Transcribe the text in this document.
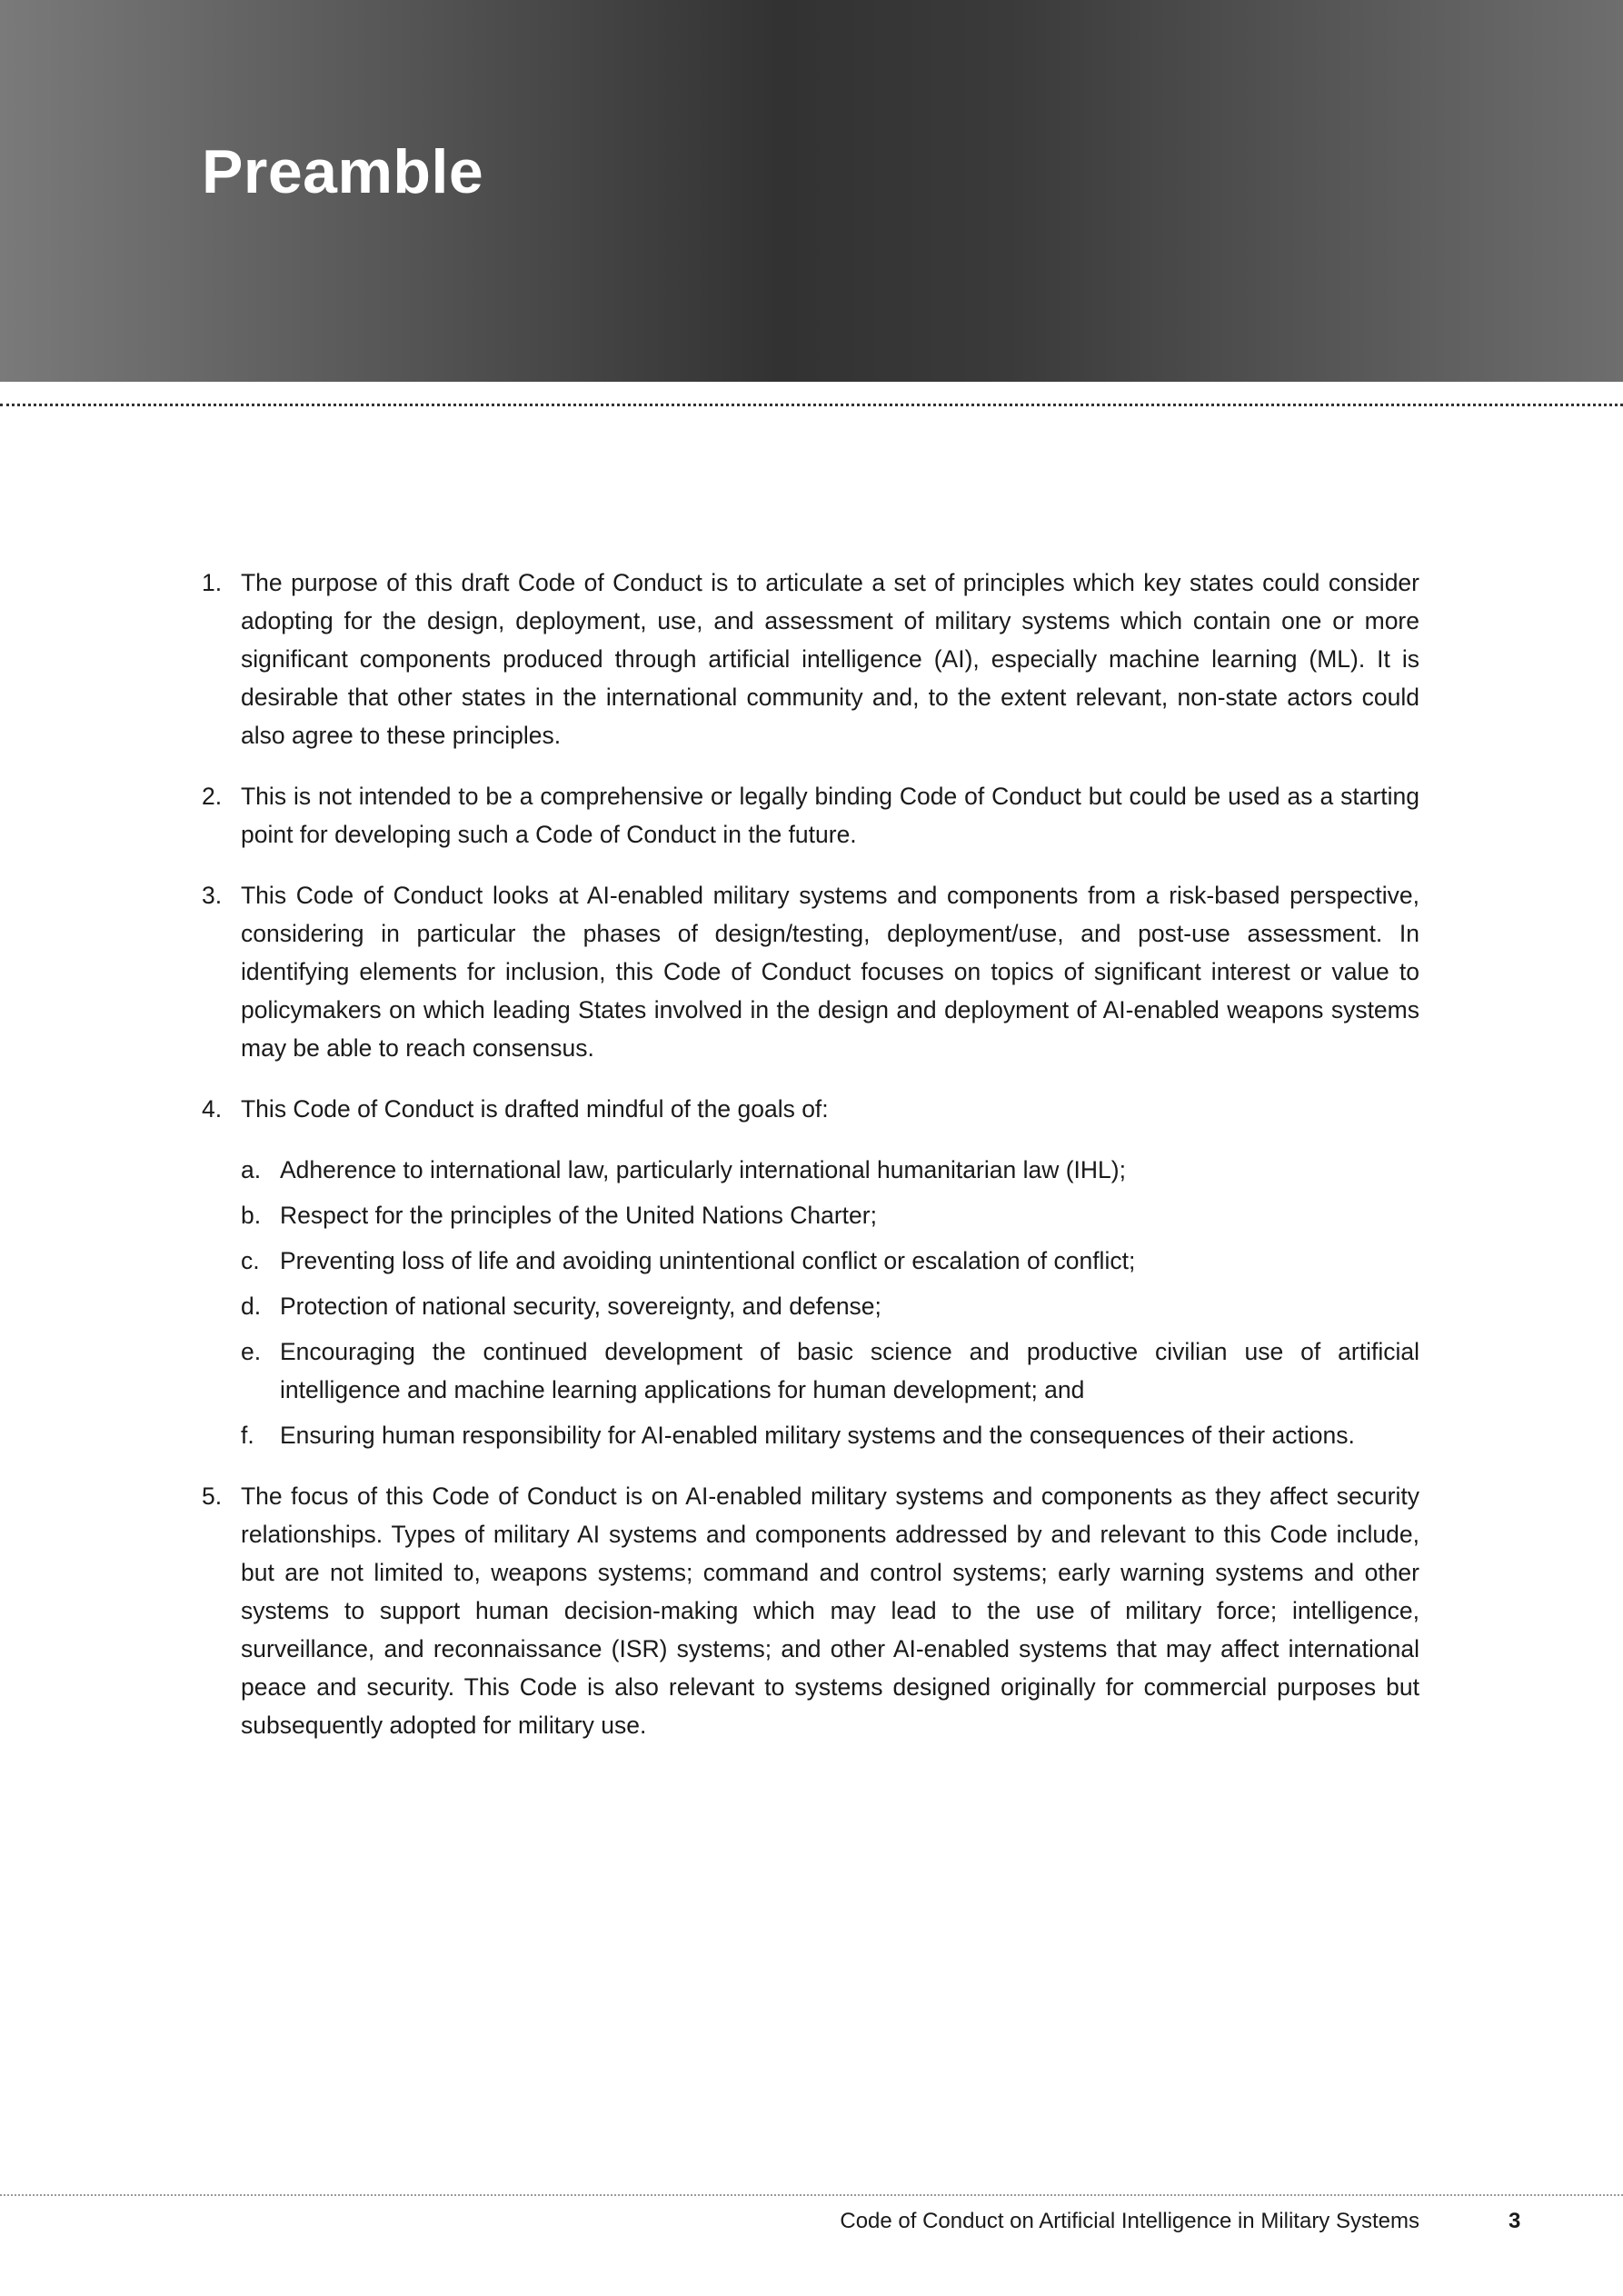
Preamble
1. The purpose of this draft Code of Conduct is to articulate a set of principles which key states could consider adopting for the design, deployment, use, and assessment of military systems which contain one or more significant components produced through artificial intelligence (AI), especially machine learning (ML). It is desirable that other states in the international community and, to the extent relevant, non-state actors could also agree to these principles.
2. This is not intended to be a comprehensive or legally binding Code of Conduct but could be used as a starting point for developing such a Code of Conduct in the future.
3. This Code of Conduct looks at AI-enabled military systems and components from a risk-based perspective, considering in particular the phases of design/testing, deployment/use, and post-use assessment. In identifying elements for inclusion, this Code of Conduct focuses on topics of significant interest or value to policymakers on which leading States involved in the design and deployment of AI-enabled weapons systems may be able to reach consensus.
4. This Code of Conduct is drafted mindful of the goals of:
a. Adherence to international law, particularly international humanitarian law (IHL);
b. Respect for the principles of the United Nations Charter;
c. Preventing loss of life and avoiding unintentional conflict or escalation of conflict;
d. Protection of national security, sovereignty, and defense;
e. Encouraging the continued development of basic science and productive civilian use of artificial intelligence and machine learning applications for human development; and
f. Ensuring human responsibility for AI-enabled military systems and the consequences of their actions.
5. The focus of this Code of Conduct is on AI-enabled military systems and components as they affect security relationships. Types of military AI systems and components addressed by and relevant to this Code include, but are not limited to, weapons systems; command and control systems; early warning systems and other systems to support human decision-making which may lead to the use of military force; intelligence, surveillance, and reconnaissance (ISR) systems; and other AI-enabled systems that may affect international peace and security. This Code is also relevant to systems designed originally for commercial purposes but subsequently adopted for military use.
Code of Conduct on Artificial Intelligence in Military Systems	3
